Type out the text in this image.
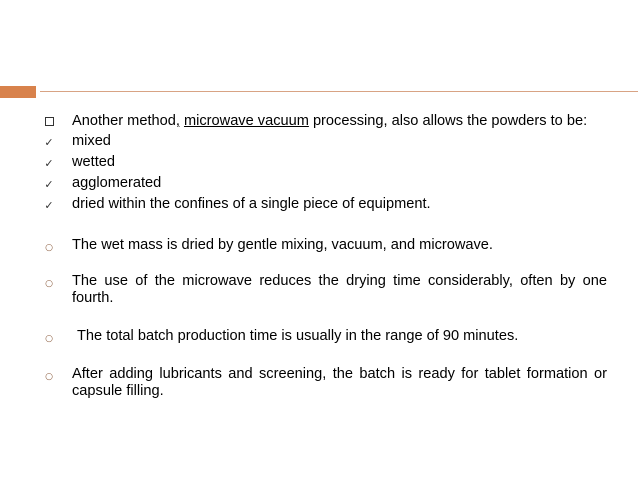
Another method, microwave vacuum processing, also allows the powders to be:
✓ mixed
✓ wetted
✓ agglomerated
✓ dried within the confines of a single piece of equipment.
○ The wet mass is dried by gentle mixing, vacuum, and microwave.
○ The use of the microwave reduces the drying time considerably, often by one fourth.
○ The total batch production time is usually in the range of 90 minutes.
○ After adding lubricants and screening, the batch is ready for tablet formation or capsule filling.
